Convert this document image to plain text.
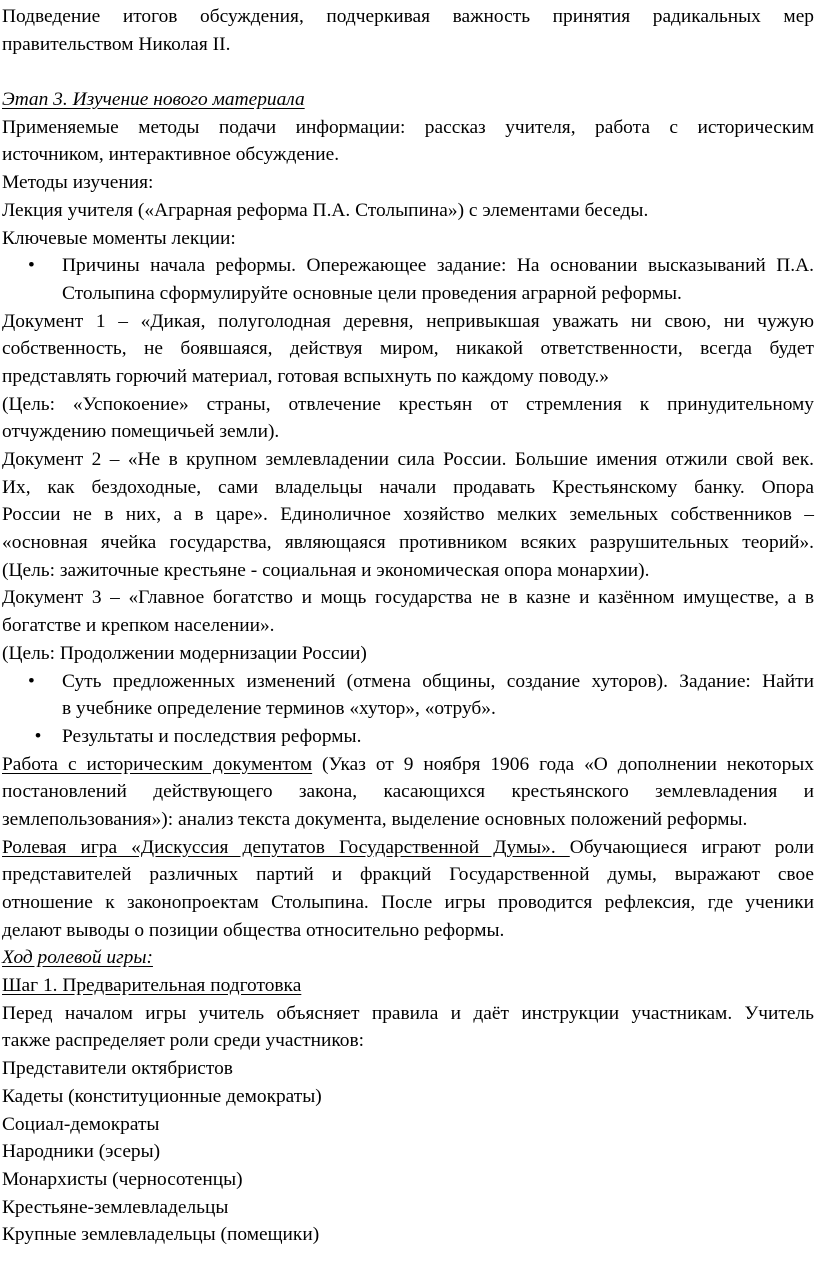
Подведение итогов обсуждения, подчеркивая важность принятия радикальных мер
правительством Николая II.
Этап 3. Изучение нового материала
Применяемые методы подачи информации: рассказ учителя, работа с историческим
источником, интерактивное обсуждение.
Методы изучения:
Лекция учителя («Аграрная реформа П.А. Столыпина») с элементами беседы.
Ключевые моменты лекции:
•	Причины начала реформы. Опережающее задание: На основании высказываний П.А.
Столыпина сформулируйте основные цели проведения аграрной реформы.
Документ 1 – «Дикая, полуголодная деревня, непривыкшая уважать ни свою, ни чужую
собственность, не боявшаяся, действуя миром, никакой ответственности, всегда будет
представлять горючий материал, готовая вспыхнуть по каждому поводу.»
(Цель: «Успокоение» страны, отвлечение крестьян от стремления к принудительному
отчуждению помещичьей земли).
Документ 2 – «Не в крупном землевладении сила России. Большие имения отжили свой век.
Их, как бездоходные, сами владельцы начали продавать Крестьянскому банку. Опора
России не в них, а в царе». Единоличное хозяйство мелких земельных собственников –
«основная ячейка государства, являющаяся противником всяких разрушительных теорий».
(Цель: зажиточные крестьяне - социальная и экономическая опора монархии).
Документ 3 – «Главное богатство и мощь государства не в казне и казённом имуществе, а в
богатстве и крепком населении».
(Цель: Продолжении модернизации России)
•	Суть предложенных изменений (отмена общины, создание хуторов). Задание: Найти
в учебнике определение терминов «хутор», «отруб».
•	Результаты и последствия реформы.
Работа с историческим документом (Указ от 9 ноября 1906 года «О дополнении некоторых
постановлений действующего закона, касающихся крестьянского землевладения и
землепользования»): анализ текста документа, выделение основных положений реформы.
Ролевая игра «Дискуссия депутатов Государственной Думы». Обучающиеся играют роли
представителей различных партий и фракций Государственной думы, выражают свое
отношение к законопроектам Столыпина. После игры проводится рефлексия, где ученики
делают выводы о позиции общества относительно реформы.
Ход ролевой игры:
Шаг 1. Предварительная подготовка
Перед началом игры учитель объясняет правила и даёт инструкции участникам. Учитель
также распределяет роли среди участников:
Представители октябристов
Кадеты (конституционные демократы)
Социал-демократы
Народники (эсеры)
Монархисты (черносотенцы)
Крестьяне-землевладельцы
Крупные землевладельцы (помещики)
